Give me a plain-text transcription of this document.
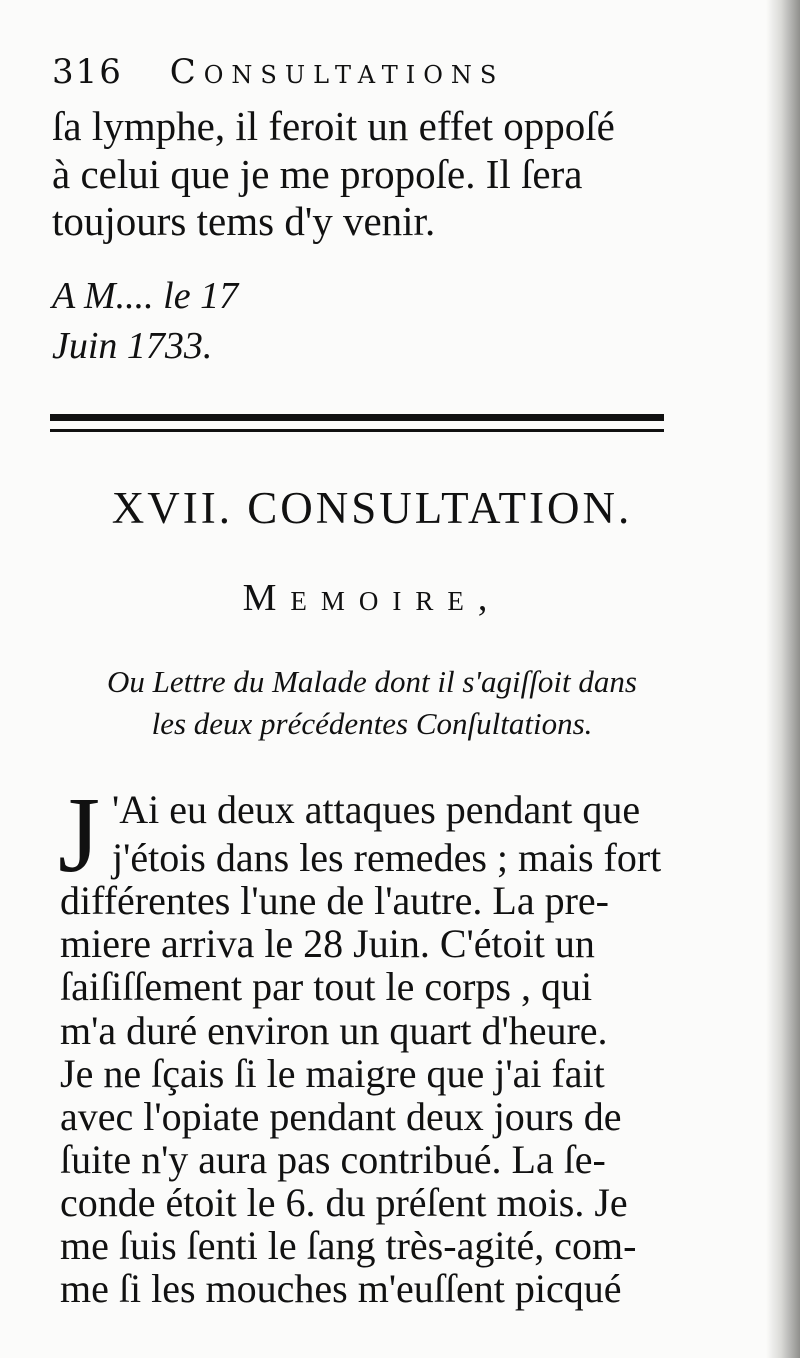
316 Consultations
ſa lymphe, il feroit un effet oppoſé
à celui que je me propoſe. Il ſera
toujours tems d'y venir.
A M.... le 17
Juin 1733.
XVII. CONSULTATION.
Memoire,
Ou Lettre du Malade dont il s'agiſſoit dans
les deux précédentes Conſultations.
J 'Ai eu deux attaques pendant que
j'étois dans les remedes ; mais fort
différentes l'une de l'autre. La pre-
miere arriva le 28 Juin. C'étoit un
ſaiſiſſement par tout le corps , qui
m'a duré environ un quart d'heure.
Je ne ſçais ſi le maigre que j'ai fait
avec l'opiate pendant deux jours de
ſuite n'y aura pas contribué. La ſe-
conde étoit le 6. du préſent mois. Je
me ſuis ſenti le ſang très-agité, com-
me ſi les mouches m'euſſent picqué
